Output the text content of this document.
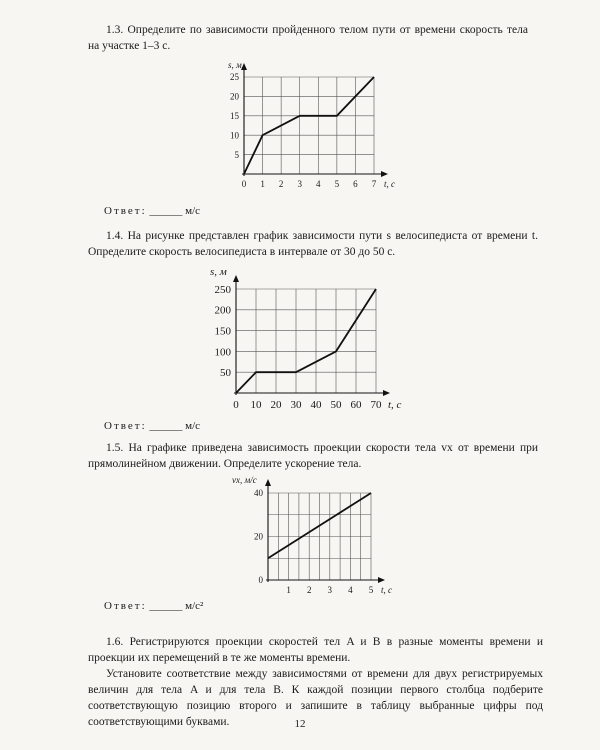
1.3. Определите по зависимости пройденного телом пути от времени скорость тела на участке 1–3 с.

0 1 2 3 4 5 6 7
5
10
15
20
25
t, c
s, м
Ответ: ______ м/с

1.4. На рисунке представлен график зависимости пути s велосипедиста от времени t. Определите скорость велосипедиста в интервале от 30 до 50 с.

0 10 20 30 40 50 60 70
50
100
150
200
250
t, c
s, м
Ответ: ______ м/с

1.5. На графике приведена зависимость проекции скорости тела vx от времени при прямолинейном движении. Определите ускорение тела.

1 2 3 4 5
0
20
40
t, c
vx, м/с
Ответ: ______ м/с²

1.6. Регистрируются проекции скоростей тел A и B в разные моменты времени и проекции их перемещений в те же моменты времени.

Установите соответствие между зависимостями от времени для двух регистрируемых величин для тела A и для тела B. К каждой позиции первого столбца подберите соответствующую позицию второго и запишите в таблицу выбранные цифры под соответствующими буквами.	12
